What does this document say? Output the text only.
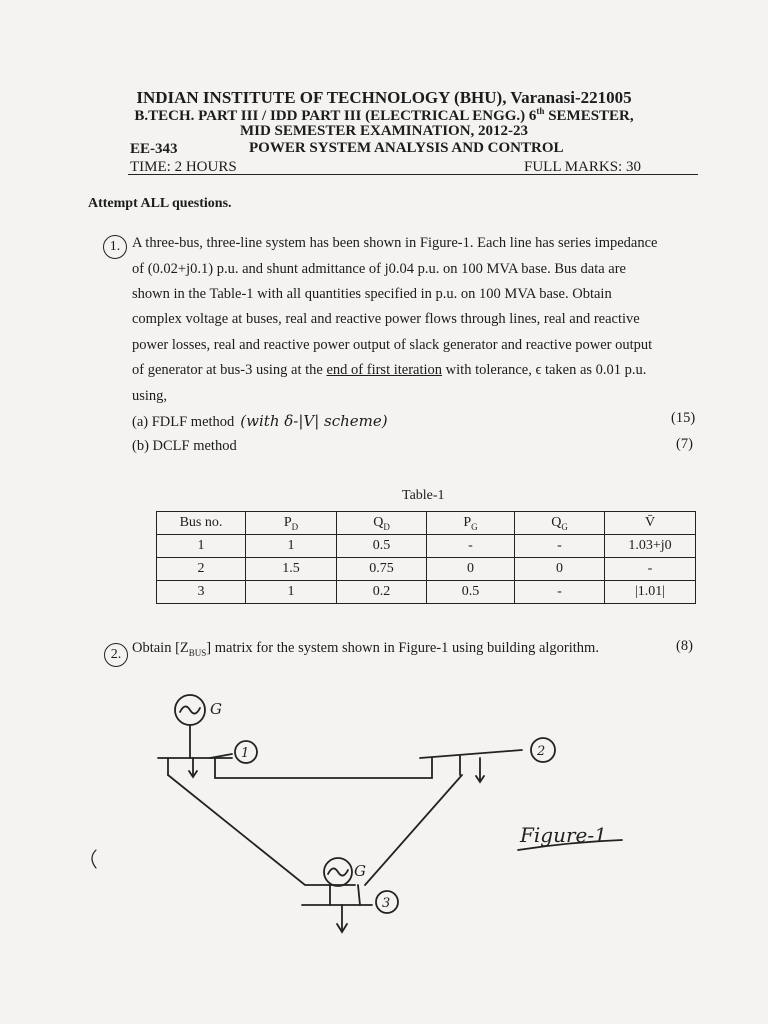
INDIAN INSTITUTE OF TECHNOLOGY (BHU), Varanasi-221005
B.TECH. PART III / IDD PART III (ELECTRICAL ENGG.) 6th SEMESTER,
MID SEMESTER EXAMINATION, 2012-23
EE-343	POWER SYSTEM ANALYSIS AND CONTROL
TIME: 2 HOURS	FULL MARKS: 30
Attempt ALL questions.
1. A three-bus, three-line system has been shown in Figure-1. Each line has series impedance
of (0.02+j0.1) p.u. and shunt admittance of j0.04 p.u. on 100 MVA base. Bus data are
shown in the Table-1 with all quantities specified in p.u. on 100 MVA base. Obtain
complex voltage at buses, real and reactive power flows through lines, real and reactive
power losses, real and reactive power output of slack generator and reactive power output
of generator at bus-3 using at the end of first iteration with tolerance, ϵ taken as 0.01 p.u.
using,
(a) FDLF method (with δ-|V| scheme)	(15)
(b) DCLF method	(7)
Table-1
Bus no.	$P_D$	$Q_D$	$P_G$	$Q_G$	V̄
1	1	0.5	-	-	1.03+j0
2	1.5	0.75	0	0	-
3	1	0.2	0.5	-	|1.01|
2. Obtain $[Z_{BUS}]$ matrix for the system shown in Figure-1 using building algorithm.	(8)
G
G
1	2
3
Figure-1
